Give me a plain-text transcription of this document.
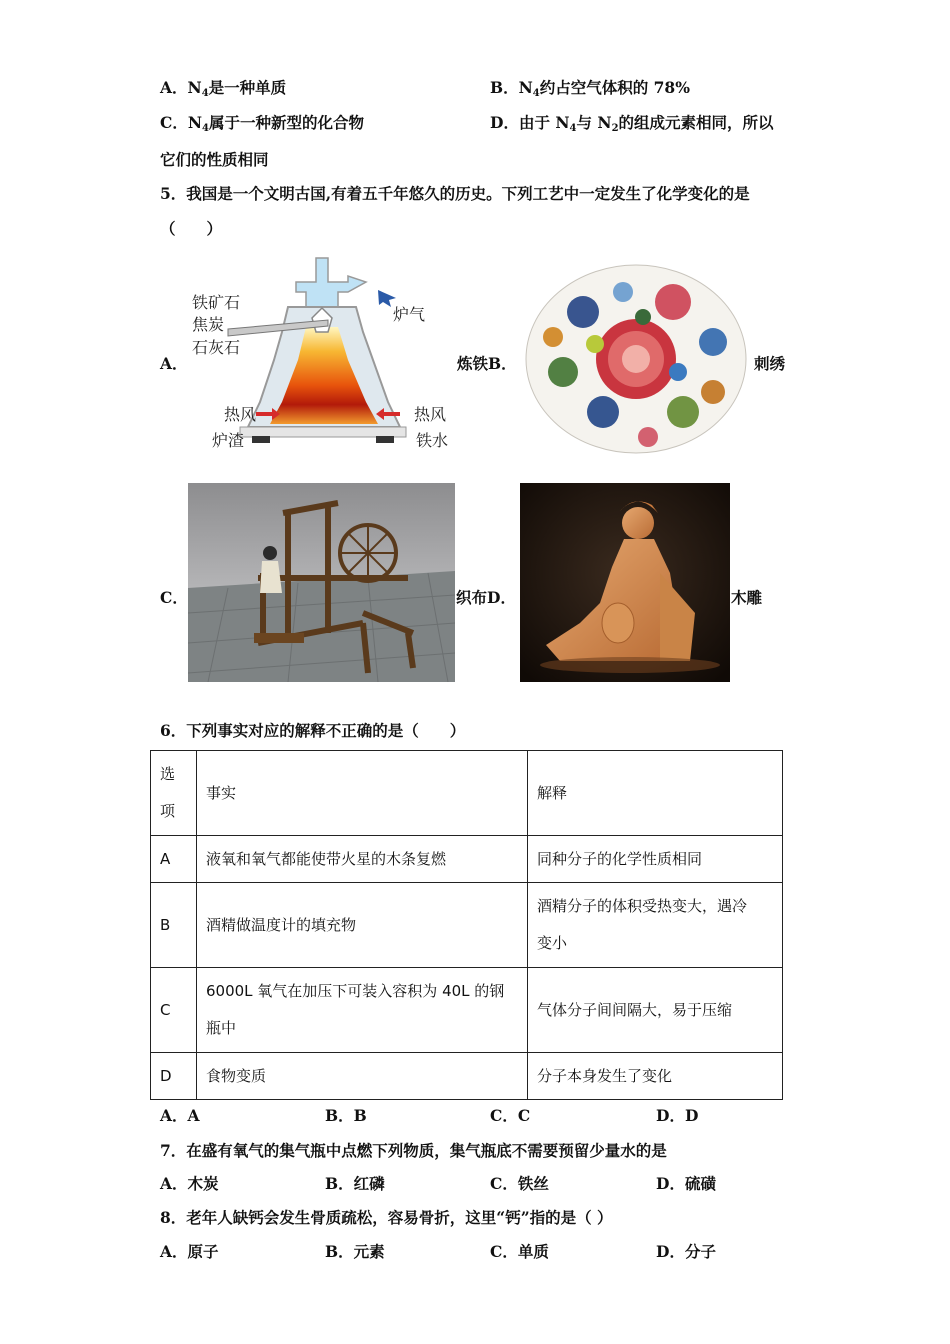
A．$N_4$是一种单质	B．$N_4$约占空气体积的 78%
C．$N_4$属于一种新型的化合物	D．由于 $N_4$与 $N_2$的组成元素相同，所以
它们的性质相同
5．我国是一个文明古国,有着五千年悠久的历史。下列工艺中一定发生了化学变化的是
（　　）
A．
铁矿石
焦炭
石灰石
炉气
热风	热风
炉渣	铁水
炼铁B．	刺绣
C．	织布D．	木雕
6．下列事实对应的解释不正确的是（　　）
选
项	事实	解释
A	液氧和氧气都能使带火星的木条复燃	同种分子的化学性质相同
B	酒精做温度计的填充物	酒精分子的体积受热变大，遇冷
变小

C	6000L 氧气在加压下可装入容积为 40L 的钢
瓶中	气体分子间间隔大，易于压缩
D	食物变质	分子本身发生了变化
A．A	B．B	C．C	D．D
7．在盛有氧气的集气瓶中点燃下列物质，集气瓶底不需要预留少量水的是
A．木炭	B．红磷	C．铁丝	D．硫磺
8．老年人缺钙会发生骨质疏松，容易骨折，这里“钙”指的是（ ）
A．原子	B．元素	C．单质	D．分子
